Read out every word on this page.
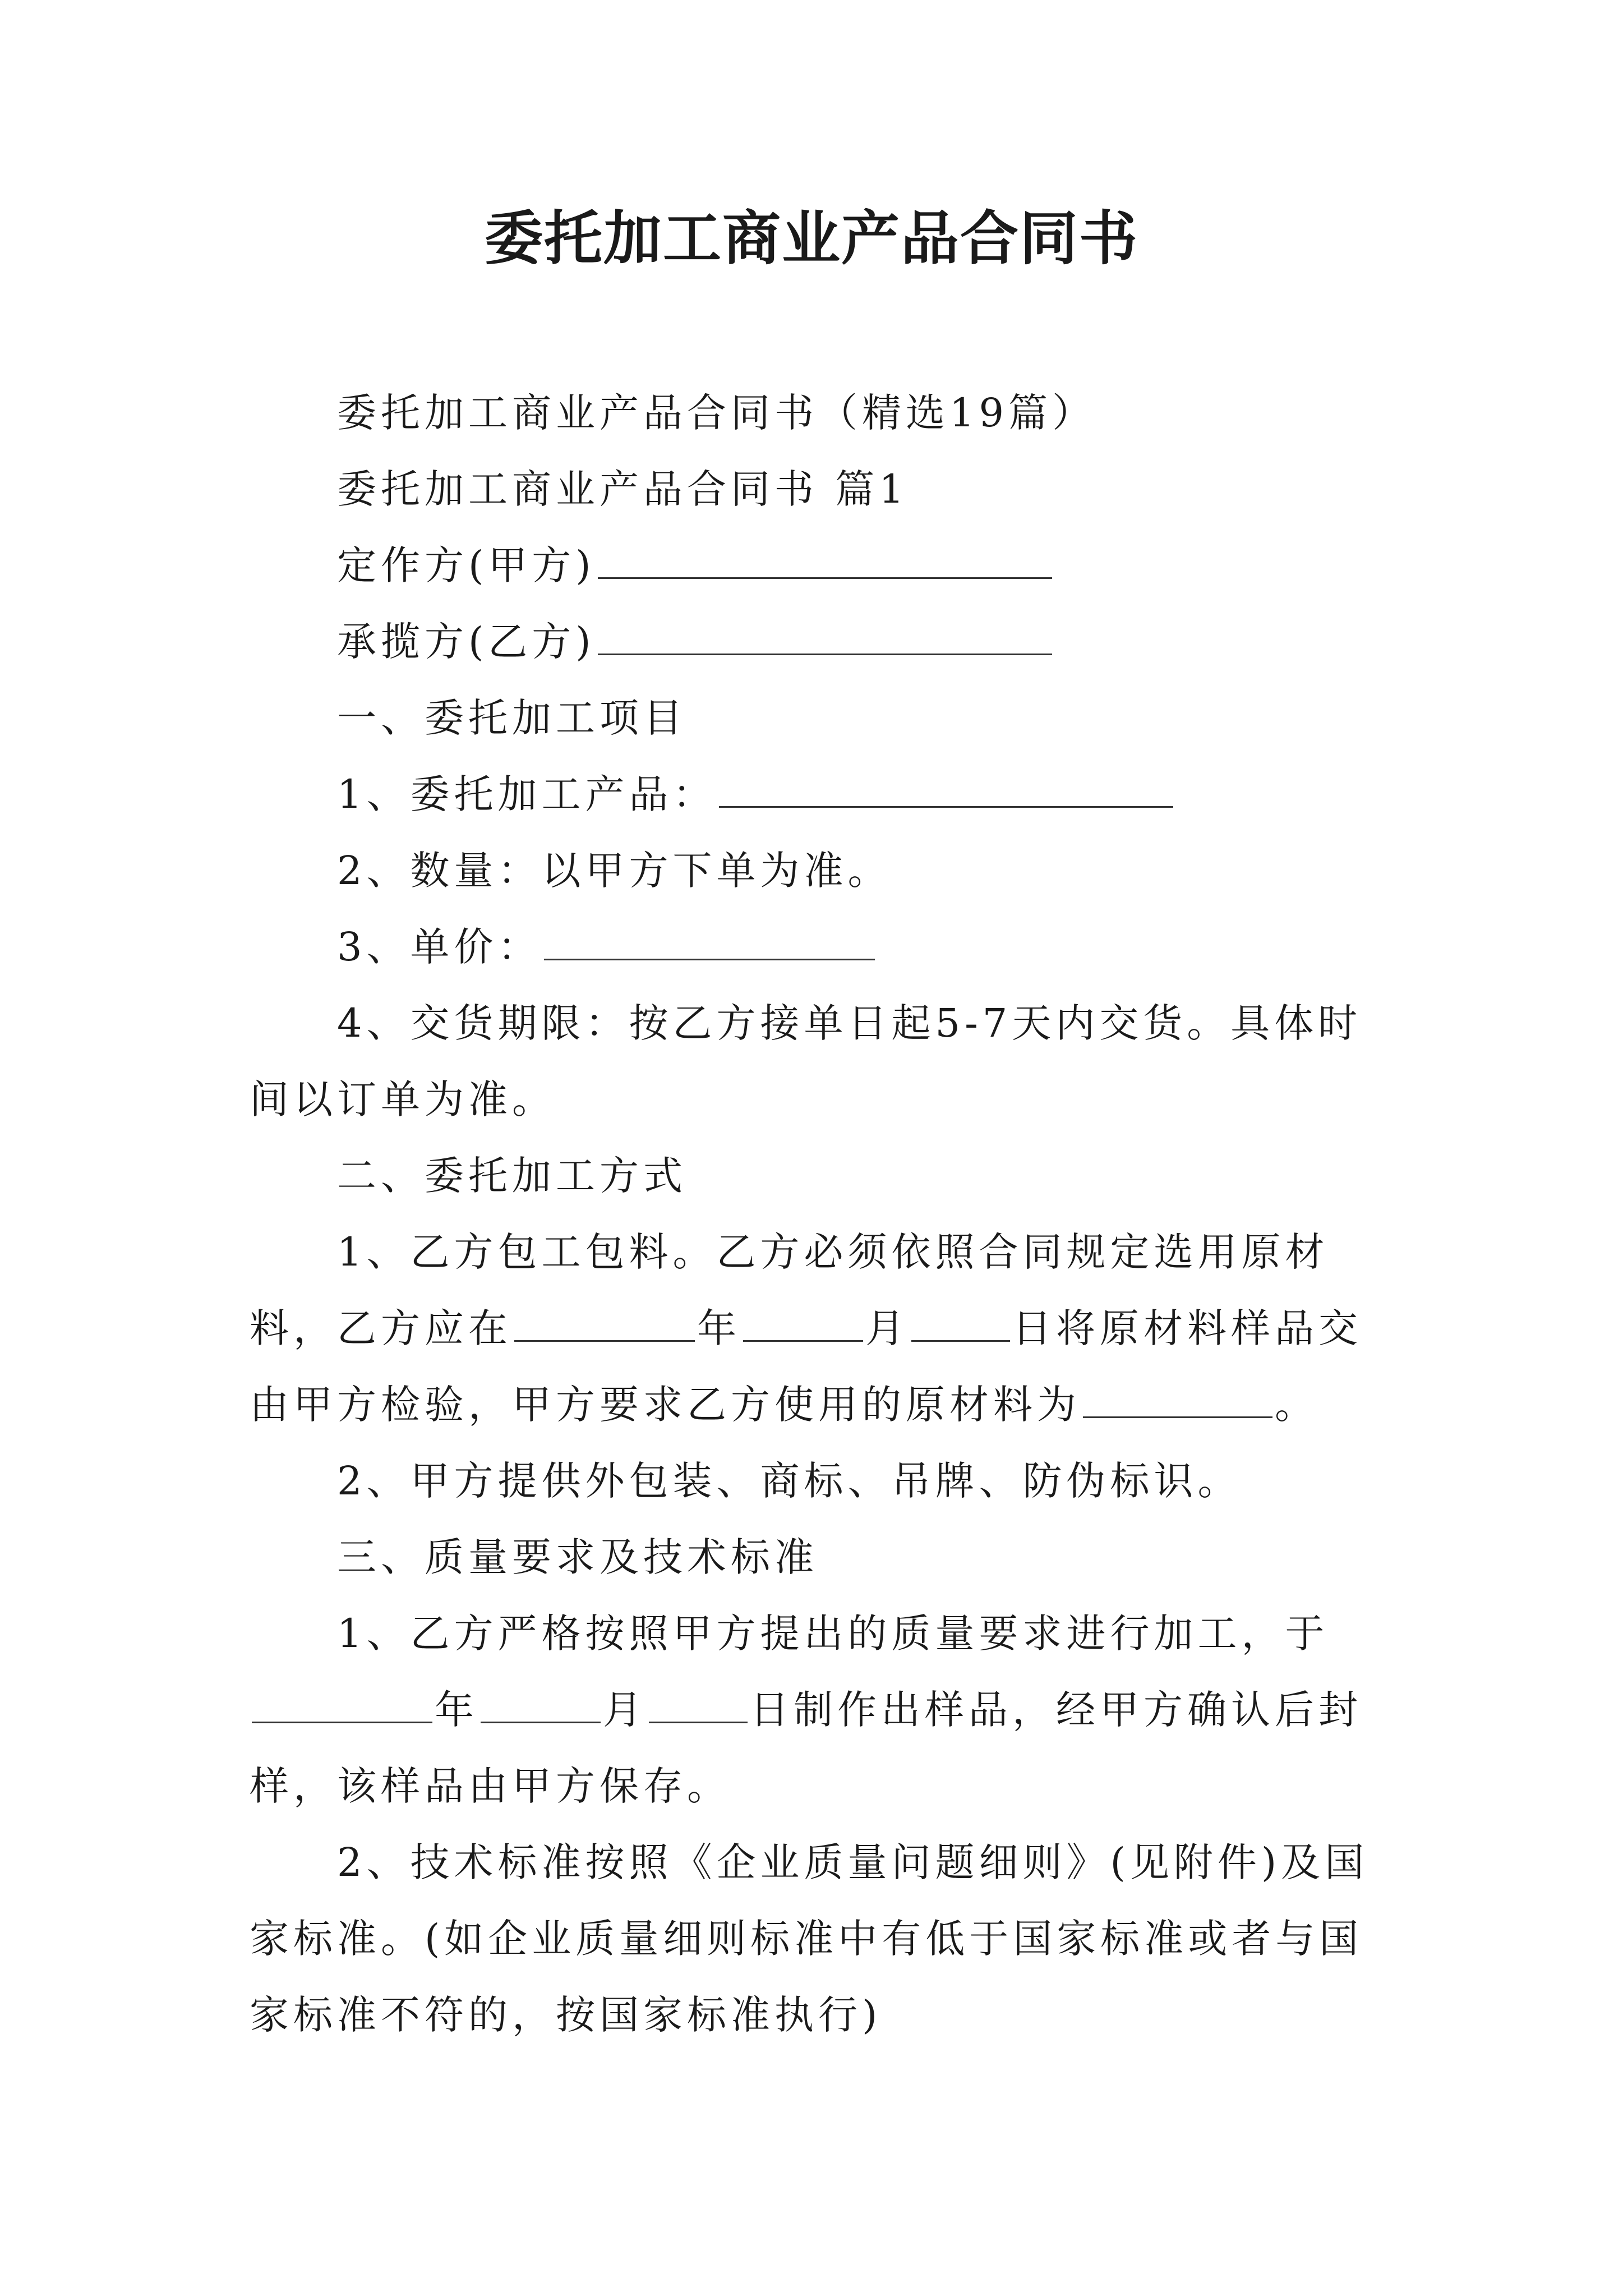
委托加工商业产品合同书

委托加工商业产品合同书（精选19篇）

委托加工商业产品合同书 篇1

定作方(甲方)

承揽方(乙方)

一、委托加工项目

1、委托加工产品：

2、数量：以甲方下单为准。

3、单价：

4、交货期限：按乙方接单日起5-7天内交货。具体时间以订单为准。

二、委托加工方式

1、乙方包工包料。乙方必须依照合同规定选用原材料，乙方应在	年	月	日将原材料样品交由甲方检验，甲方要求乙方使用的原材料为	。

2、甲方提供外包装、商标、吊牌、防伪标识。

三、质量要求及技术标准

1、乙方严格按照甲方提出的质量要求进行加工，于年	月	日制作出样品，经甲方确认后封样，该样品由甲方保存。

2、技术标准按照《企业质量问题细则》(见附件)及国家标准。(如企业质量细则标准中有低于国家标准或者与国家标准不符的，按国家标准执行)
